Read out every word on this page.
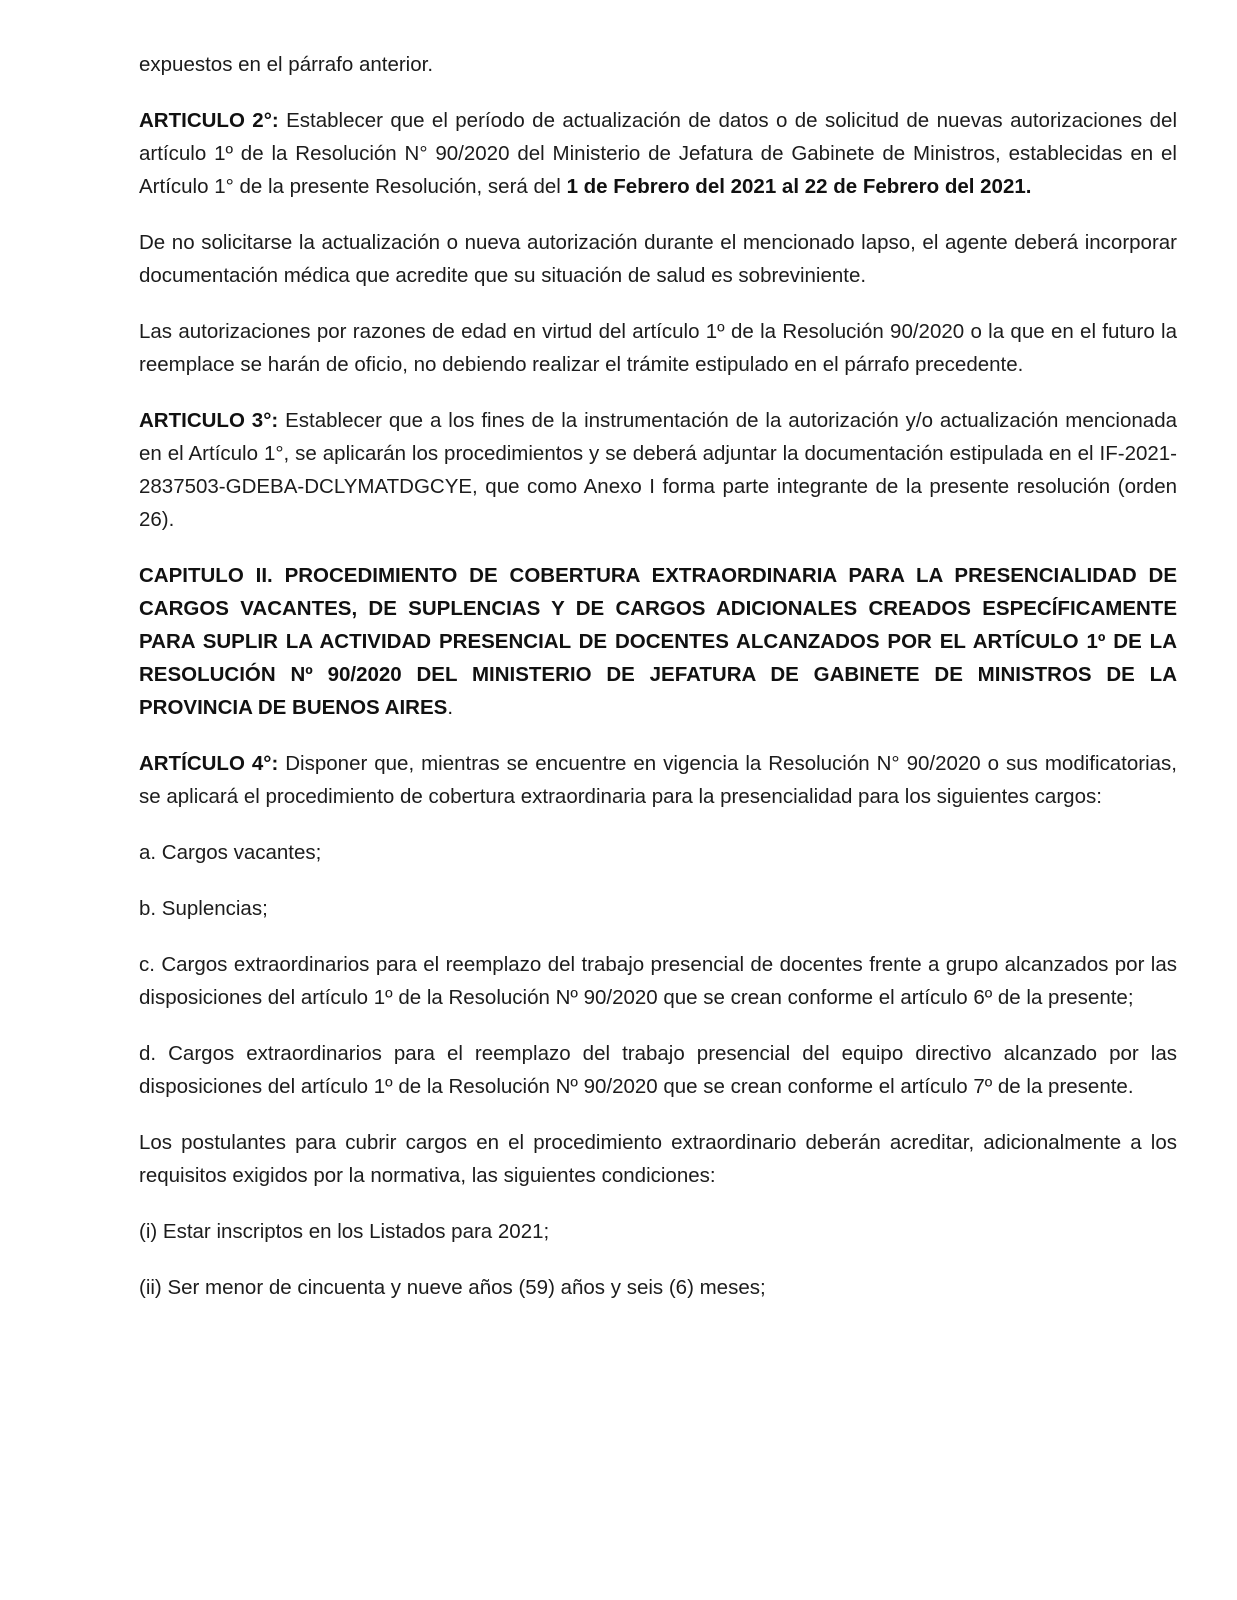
expuestos en el párrafo anterior.

ARTICULO 2°: Establecer que el período de actualización de datos o de solicitud de nuevas autorizaciones del artículo 1º de la Resolución N° 90/2020 del Ministerio de Jefatura de Gabinete de Ministros, establecidas en el Artículo 1° de la presente Resolución, será del 1 de Febrero del 2021 al 22 de Febrero del 2021.

De no solicitarse la actualización o nueva autorización durante el mencionado lapso, el agente deberá incorporar documentación médica que acredite que su situación de salud es sobreviniente.

Las autorizaciones por razones de edad en virtud del artículo 1º de la Resolución 90/2020 o la que en el futuro la reemplace se harán de oficio, no debiendo realizar el trámite estipulado en el párrafo precedente.

ARTICULO 3°: Establecer que a los fines de la instrumentación de la autorización y/o actualización mencionada en el Artículo 1°, se aplicarán los procedimientos y se deberá adjuntar la documentación estipulada en el IF-2021-2837503-GDEBA-DCLYMATDGCYE, que como Anexo I forma parte integrante de la presente resolución (orden 26).

CAPITULO II. PROCEDIMIENTO DE COBERTURA EXTRAORDINARIA PARA LA PRESENCIALIDAD DE CARGOS VACANTES, DE SUPLENCIAS Y DE CARGOS ADICIONALES CREADOS ESPECÍFICAMENTE PARA SUPLIR LA ACTIVIDAD PRESENCIAL DE DOCENTES ALCANZADOS POR EL ARTÍCULO 1º DE LA RESOLUCIÓN Nº 90/2020 DEL MINISTERIO DE JEFATURA DE GABINETE DE MINISTROS DE LA PROVINCIA DE BUENOS AIRES.

ARTÍCULO 4°: Disponer que, mientras se encuentre en vigencia la Resolución N° 90/2020 o sus modificatorias, se aplicará el procedimiento de cobertura extraordinaria para la presencialidad para los siguientes cargos:

a. Cargos vacantes;

b. Suplencias;

c. Cargos extraordinarios para el reemplazo del trabajo presencial de docentes frente a grupo alcanzados por las disposiciones del artículo 1º de la Resolución Nº 90/2020 que se crean conforme el artículo 6º de la presente;

d. Cargos extraordinarios para el reemplazo del trabajo presencial del equipo directivo alcanzado por las disposiciones del artículo 1º de la Resolución Nº 90/2020 que se crean conforme el artículo 7º de la presente.

Los postulantes para cubrir cargos en el procedimiento extraordinario deberán acreditar, adicionalmente a los requisitos exigidos por la normativa, las siguientes condiciones:

(i) Estar inscriptos en los Listados para 2021;

(ii) Ser menor de cincuenta y nueve años (59) años y seis (6) meses;
